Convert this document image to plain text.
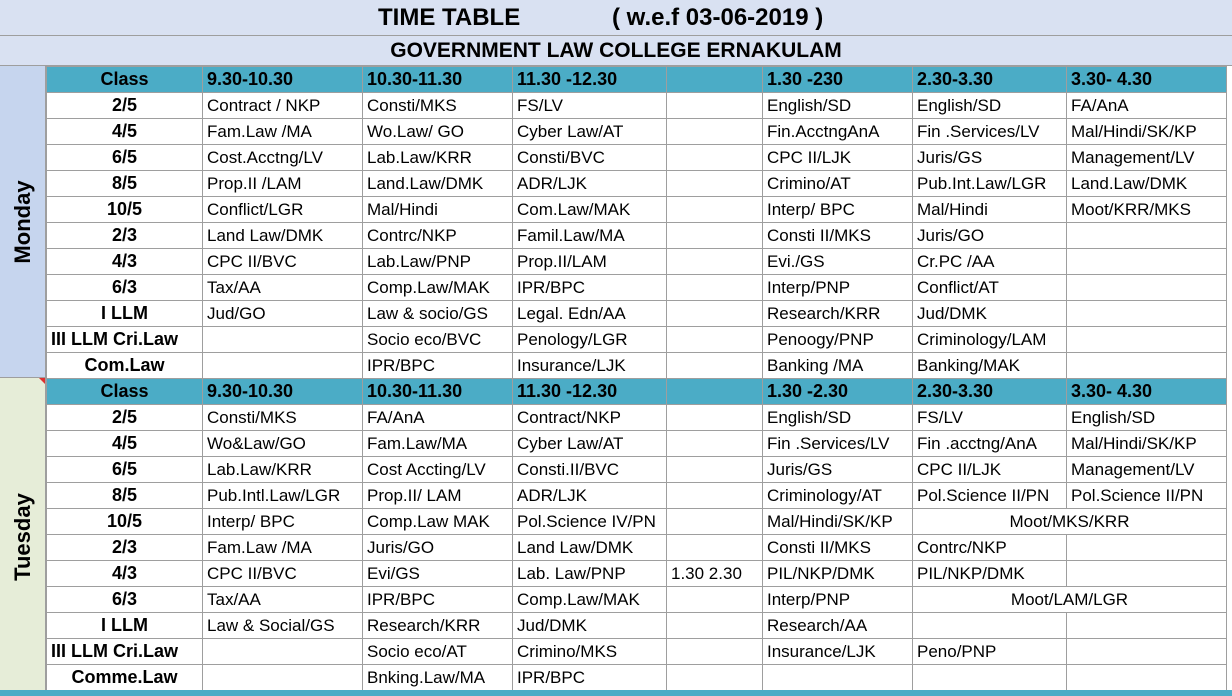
TIME TABLE	( w.e.f 03-06-2019 )
GOVERNMENT LAW COLLEGE ERNAKULAM
Monday
Tuesday
Class	9.30-10.30	10.30-11.30	11.30 -12.30		1.30 -230	2.30-3.30	3.30- 4.30
2/5	Contract / NKP	Consti/MKS	FS/LV		English/SD	English/SD	FA/AnA
4/5	Fam.Law /MA	Wo.Law/ GO	Cyber Law/AT		Fin.AcctngAnA	Fin .Services/LV	Mal/Hindi/SK/KP
6/5	Cost.Acctng/LV	Lab.Law/KRR	Consti/BVC		CPC II/LJK	Juris/GS	Management/LV
8/5	Prop.II /LAM	Land.Law/DMK	ADR/LJK		Crimino/AT	Pub.Int.Law/LGR	Land.Law/DMK
10/5	Conflict/LGR	Mal/Hindi	Com.Law/MAK		Interp/ BPC	Mal/Hindi	Moot/KRR/MKS
2/3	Land Law/DMK	Contrc/NKP	Famil.Law/MA		Consti II/MKS	Juris/GO	
4/3	CPC II/BVC	Lab.Law/PNP	Prop.II/LAM		Evi./GS	Cr.PC /AA	
6/3	Tax/AA	Comp.Law/MAK	IPR/BPC		Interp/PNP	Conflict/AT	
I LLM	Jud/GO	Law & socio/GS	Legal. Edn/AA		Research/KRR	Jud/DMK	
III LLM Cri.Law		Socio eco/BVC	Penology/LGR		Penoogy/PNP	Criminology/LAM	
Com.Law		IPR/BPC	Insurance/LJK		Banking /MA	Banking/MAK	
Class	9.30-10.30	10.30-11.30	11.30 -12.30		1.30 -2.30	2.30-3.30	3.30- 4.30
2/5	Consti/MKS	FA/AnA	Contract/NKP		English/SD	FS/LV	English/SD
4/5	Wo&Law/GO	Fam.Law/MA	Cyber Law/AT		Fin .Services/LV	Fin .acctng/AnA	Mal/Hindi/SK/KP
6/5	Lab.Law/KRR	Cost Accting/LV	Consti.II/BVC		Juris/GS	CPC II/LJK	Management/LV
8/5	Pub.Intl.Law/LGR	Prop.II/ LAM	ADR/LJK		Criminology/AT	Pol.Science II/PN	Pol.Science II/PN
10/5	Interp/ BPC	Comp.Law MAK	Pol.Science IV/PN		Mal/Hindi/SK/KP	Moot/MKS/KRR	
2/3	Fam.Law /MA	Juris/GO	Land Law/DMK		Consti II/MKS	Contrc/NKP	
4/3	CPC II/BVC	Evi/GS	Lab. Law/PNP	1.30 2.30	PIL/NKP/DMK	PIL/NKP/DMK	
6/3	Tax/AA	IPR/BPC	Comp.Law/MAK		Interp/PNP	Moot/LAM/LGR	
I LLM	Law & Social/GS	Research/KRR	Jud/DMK		Research/AA		
III LLM Cri.Law		Socio eco/AT	Crimino/MKS		Insurance/LJK	Peno/PNP	
Comme.Law		Bnking.Law/MA	IPR/BPC				
